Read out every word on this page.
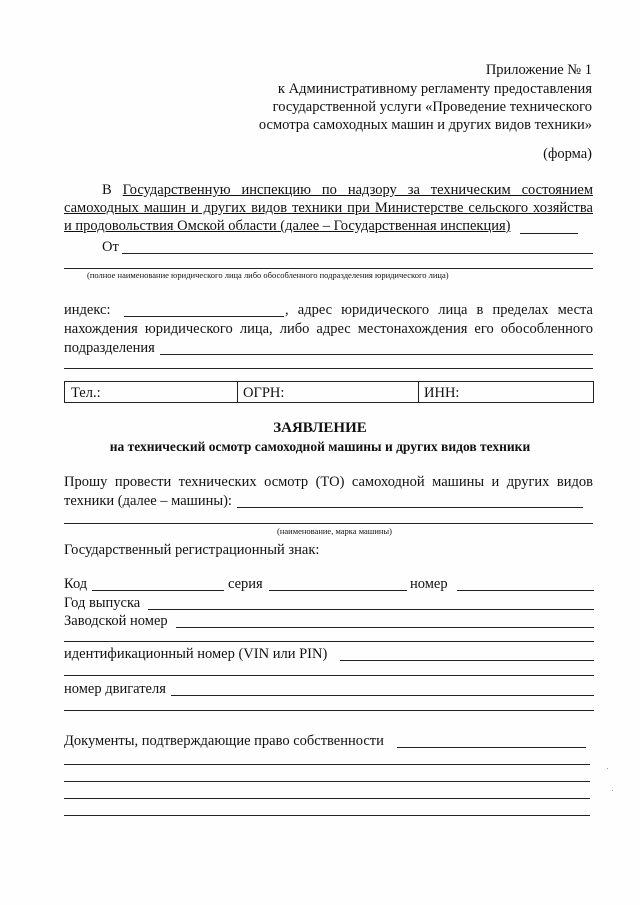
Приложение № 1
к Административному регламенту предоставления
государственной услуги «Проведение технического
осмотра самоходных машин и других видов техники»
(форма)
В Государственную инспекцию по надзору за техническим состоянием
самоходных машин и других видов техники при Министерстве сельского хозяйства
и продовольствия Омской области (далее – Государственная инспекция)
От
(полное наименование юридического лица либо обособленного подразделения юридического лица)
индекс:	, адрес юридического лица в пределах места
нахождения юридического лица, либо адрес местонахождения его обособленного
подразделения
Тел.:	ОГРН:	ИНН:
ЗАЯВЛЕНИЕ
на технический осмотр самоходной машины и других видов техники
Прошу провести технических осмотр (ТО) самоходной машины и других видов
техники (далее – машины):
(наименование, марка машины)
Государственный регистрационный знак:
Код	серия	номер
Год выпуска
Заводской номер
идентификационный номер (VIN или PIN)
номер двигателя
Документы, подтверждающие право собственности
